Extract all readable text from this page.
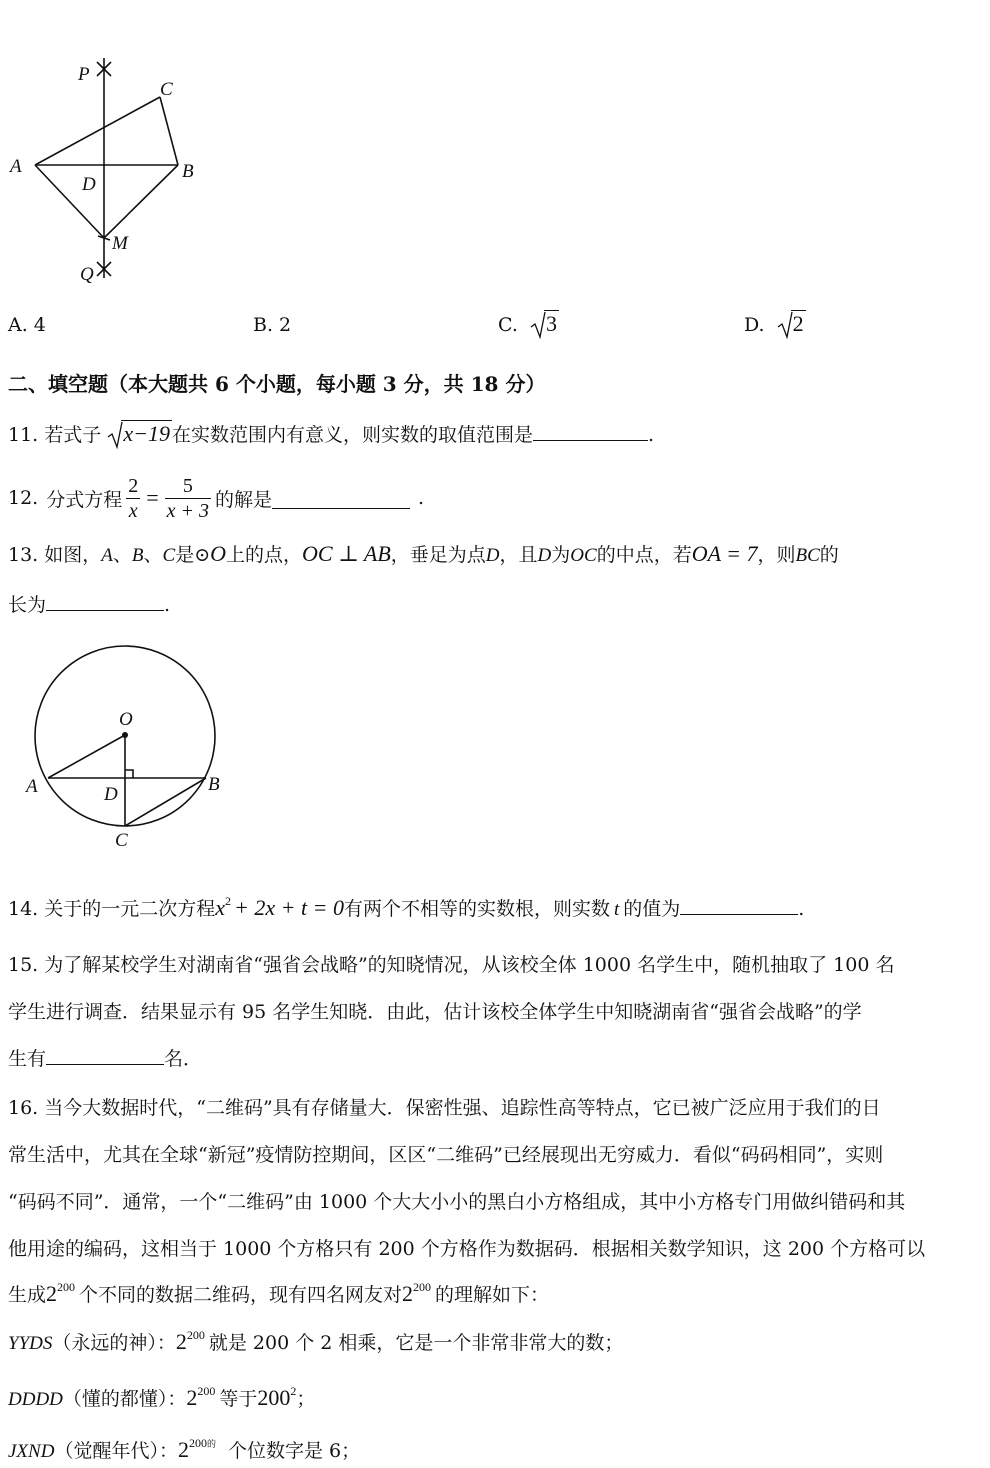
P
C
A	B
D
M
Q
A. 4	B. 2	C. 3	D. 2
二、填空题（本大题共 6 个小题，每小题 3 分，共 18 分）
11. 若式子 x−19 在实数范围内有意义，则实数的取值范围是	.
12. 分式方程 $\frac{2}{x} = \frac{5}{x + 3}$ 的解是	.
13. 如图，A、B、C是⊙O上的点，OC ⊥ AB，垂足为点D，且D为OC的中点，若OA = 7，则BC的
长为	.
O
A	B
D
C
14. 关于的一元二次方程$x^2 + 2x + t = 0$有两个不相等的实数根，则实数 t 的值为	.
15. 为了解某校学生对湖南省“强省会战略”的知晓情况，从该校全体 1000 名学生中，随机抽取了 100 名
学生进行调查．结果显示有 95 名学生知晓．由此，估计该校全体学生中知晓湖南省“强省会战略”的学
生有	名．
16. 当今大数据时代，“二维码”具有存储量大．保密性强、追踪性高等特点，它已被广泛应用于我们的日
常生活中，尤其在全球“新冠”疫情防控期间，区区“二维码”已经展现出无穷威力．看似“码码相同”，实则
“码码不同”．通常，一个“二维码”由 1000 个大大小小的黑白小方格组成，其中小方格专门用做纠错码和其
他用途的编码，这相当于 1000 个方格只有 200 个方格作为数据码．根据相关数学知识，这 200 个方格可以
生成$2^{200}$ 个不同的数据二维码，现有四名网友对$2^{200}$ 的理解如下：
YYDS（永远的神）：$2^{200}$ 就是 200 个 2 相乘，它是一个非常非常大的数；
DDDD（懂的都懂）：$2^{200}$ 等于$200^2$；
JXND（觉醒年代）：$2^{200的}$ 个位数字是 6；
